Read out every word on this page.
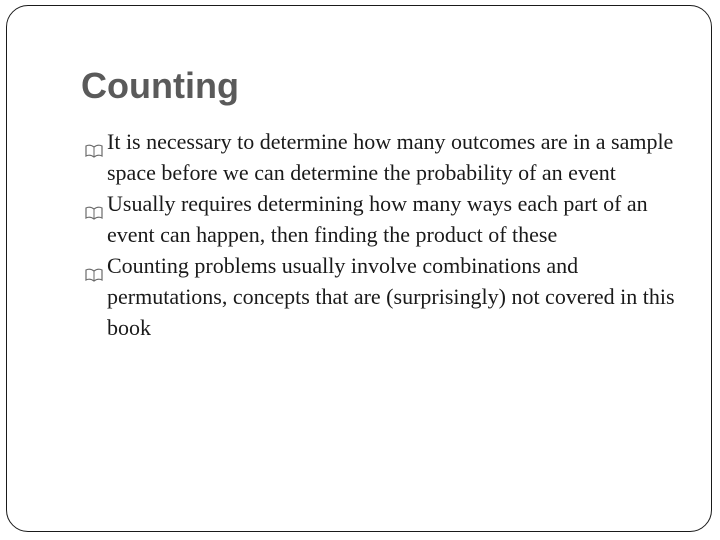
Counting
It is necessary to determine how many outcomes are in a sample space before we can determine the probability of an event
Usually requires determining how many ways each part of an event can happen, then finding the product of these
Counting problems usually involve combinations and permutations, concepts that are (surprisingly) not covered in this book
